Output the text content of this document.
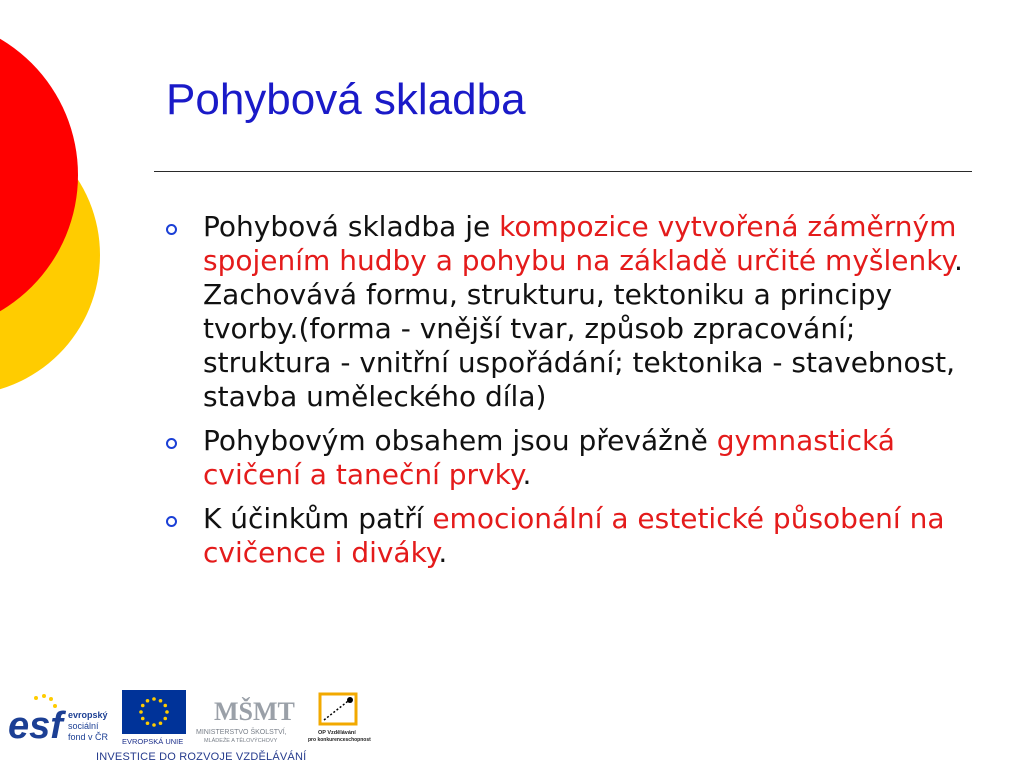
Pohybová skladba
Pohybová skladba je kompozice vytvořená záměrným spojením hudby a pohybu na základě určité myšlenky. Zachovává formu, strukturu, tektoniku a principy tvorby.(forma - vnější tvar, způsob zpracování; struktura - vnitřní uspořádání; tektonika - stavebnost, stavba uměleckého díla)
Pohybovým obsahem jsou převážně gymnastická cvičení a taneční prvky.
K účinkům patří emocionální a estetické působení na cvičence i diváky.
esf evropský
sociální
fond v ČR EVROPSKÁ UNIE
MŠMT
MINISTERSTVO ŠKOLSTVÍ,
MLÁDEŽE A TĚLOVÝCHOVY
OP Vzdělávání
pro konkurenceschopnost
INVESTICE DO ROZVOJE VZDĚLÁVÁNÍ
